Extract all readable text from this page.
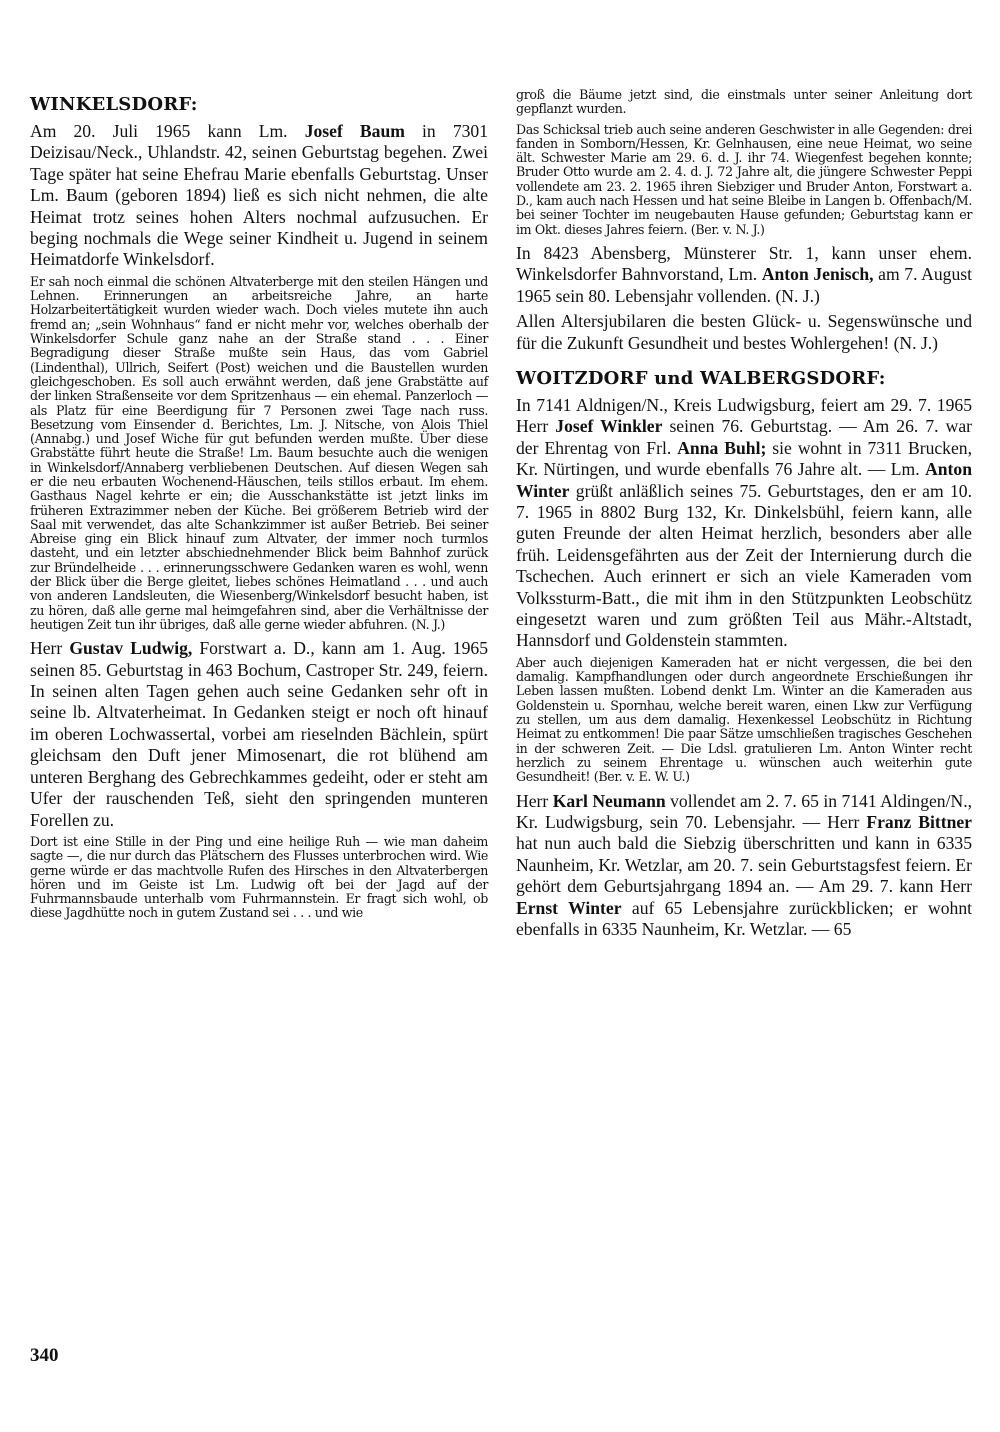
WINKELSDORF:

Am 20. Juli 1965 kann Lm. Josef Baum in 7301 Deizisau/Neck., Uhlandstr. 42, seinen Geburtstag begehen. Zwei Tage später hat seine Ehefrau Marie ebenfalls Geburtstag. Unser Lm. Baum (geboren 1894) ließ es sich nicht nehmen, die alte Heimat trotz seines hohen Alters nochmal aufzusuchen. Er beging nochmals die Wege seiner Kindheit u. Jugend in seinem Heimatdorfe Winkelsdorf.

Er sah noch einmal die schönen Altvaterberge mit den steilen Hängen und Lehnen. Erinnerungen an arbeitsreiche Jahre, an harte Holzarbeitertätigkeit wurden wieder wach. Doch vieles mutete ihn auch fremd an; „sein Wohnhaus“ fand er nicht mehr vor, welches oberhalb der Winkelsdorfer Schule ganz nahe an der Straße stand . . . Einer Begradigung dieser Straße mußte sein Haus, das vom Gabriel (Lindenthal), Ullrich, Seifert (Post) weichen und die Baustellen wurden gleichgeschoben. Es soll auch erwähnt werden, daß jene Grabstätte auf der linken Straßenseite vor dem Spritzenhaus — ein ehemal. Panzerloch — als Platz für eine Beerdigung für 7 Personen zwei Tage nach russ. Besetzung vom Einsender d. Berichtes, Lm. J. Nitsche, von Alois Thiel (Annabg.) und Josef Wiche für gut befunden werden mußte. Über diese Grabstätte führt heute die Straße! Lm. Baum besuchte auch die wenigen in Winkelsdorf/Annaberg verbliebenen Deutschen. Auf diesen Wegen sah er die neu erbauten Wochenend-Häuschen, teils stillos erbaut. Im ehem. Gasthaus Nagel kehrte er ein; die Ausschankstätte ist jetzt links im früheren Extrazimmer neben der Küche. Bei größerem Betrieb wird der Saal mit verwendet, das alte Schankzimmer ist außer Betrieb. Bei seiner Abreise ging ein Blick hinauf zum Altvater, der immer noch turmlos dasteht, und ein letzter abschiednehmender Blick beim Bahnhof zurück zur Bründelheide . . . erinnerungsschwere Gedanken waren es wohl, wenn der Blick über die Berge gleitet, liebes schönes Heimatland . . . und auch von anderen Landsleuten, die Wiesenberg/Winkelsdorf besucht haben, ist zu hören, daß alle gerne mal heimgefahren sind, aber die Verhältnisse der heutigen Zeit tun ihr übriges, daß alle gerne wieder abfuhren. (N. J.)

Herr Gustav Ludwig, Forstwart a. D., kann am 1. Aug. 1965 seinen 85. Geburtstag in 463 Bochum, Castroper Str. 249, feiern. In seinen alten Tagen gehen auch seine Gedanken sehr oft in seine lb. Altvaterheimat. In Gedanken steigt er noch oft hinauf im oberen Lochwassertal, vorbei am rieselnden Bächlein, spürt gleichsam den Duft jener Mimosenart, die rot blühend am unteren Berghang des Gebrechkammes gedeiht, oder er steht am Ufer der rauschenden Teß, sieht den springenden munteren Forellen zu.

Dort ist eine Stille in der Ping und eine heilige Ruh — wie man daheim sagte —, die nur durch das Plätschern des Flusses unterbrochen wird. Wie gerne würde er das machtvolle Rufen des Hirsches in den Altvaterbergen hören und im Geiste ist Lm. Ludwig oft bei der Jagd auf der Fuhrmannsbaude unterhalb vom Fuhrmannstein. Er fragt sich wohl, ob diese Jagdhütte noch in gutem Zustand sei . . . und wie

groß die Bäume jetzt sind, die einstmals unter seiner Anleitung dort gepflanzt wurden.

Das Schicksal trieb auch seine anderen Geschwister in alle Gegenden: drei fanden in Somborn/Hessen, Kr. Gelnhausen, eine neue Heimat, wo seine ält. Schwester Marie am 29. 6. d. J. ihr 74. Wiegenfest begehen konnte; Bruder Otto wurde am 2. 4. d. J. 72 Jahre alt, die jüngere Schwester Peppi vollendete am 23. 2. 1965 ihren Siebziger und Bruder Anton, Forstwart a. D., kam auch nach Hessen und hat seine Bleibe in Langen b. Offenbach/M. bei seiner Tochter im neugebauten Hause gefunden; Geburtstag kann er im Okt. dieses Jahres feiern. (Ber. v. N. J.)

In 8423 Abensberg, Münsterer Str. 1, kann unser ehem. Winkelsdorfer Bahnvorstand, Lm. Anton Jenisch, am 7. August 1965 sein 80. Lebensjahr vollenden. (N. J.)

Allen Altersjubilaren die besten Glück- u. Segenswünsche und für die Zukunft Gesundheit und bestes Wohlergehen! (N. J.)

WOITZDORF und WALBERGSDORF:

In 7141 Aldnigen/N., Kreis Ludwigsburg, feiert am 29. 7. 1965 Herr Josef Winkler seinen 76. Geburtstag. — Am 26. 7. war der Ehrentag von Frl. Anna Buhl; sie wohnt in 7311 Brucken, Kr. Nürtingen, und wurde ebenfalls 76 Jahre alt. — Lm. Anton Winter grüßt anläßlich seines 75. Geburtstages, den er am 10. 7. 1965 in 8802 Burg 132, Kr. Dinkelsbühl, feiern kann, alle guten Freunde der alten Heimat herzlich, besonders aber alle früh. Leidensgefährten aus der Zeit der Internierung durch die Tschechen. Auch erinnert er sich an viele Kameraden vom Volkssturm-Batt., die mit ihm in den Stützpunkten Leobschütz eingesetzt waren und zum größten Teil aus Mähr.-Altstadt, Hannsdorf und Goldenstein stammten.

Aber auch diejenigen Kameraden hat er nicht vergessen, die bei den damalig. Kampfhandlungen oder durch angeordnete Erschießungen ihr Leben lassen mußten. Lobend denkt Lm. Winter an die Kameraden aus Goldenstein u. Spornhau, welche bereit waren, einen Lkw zur Verfügung zu stellen, um aus dem damalig. Hexenkessel Leobschütz in Richtung Heimat zu entkommen! Die paar Sätze umschließen tragisches Geschehen in der schweren Zeit. — Die Ldsl. gratulieren Lm. Anton Winter recht herzlich zu seinem Ehrentage u. wünschen auch weiterhin gute Gesundheit! (Ber. v. E. W. U.)

Herr Karl Neumann vollendet am 2. 7. 65 in 7141 Aldingen/N., Kr. Ludwigsburg, sein 70. Lebensjahr. — Herr Franz Bittner hat nun auch bald die Siebzig überschritten und kann in 6335 Naunheim, Kr. Wetzlar, am 20. 7. sein Geburtstagsfest feiern. Er gehört dem Geburtsjahrgang 1894 an. — Am 29. 7. kann Herr Ernst Winter auf 65 Lebensjahre zurückblicken; er wohnt ebenfalls in 6335 Naunheim, Kr. Wetzlar. — 65

340
